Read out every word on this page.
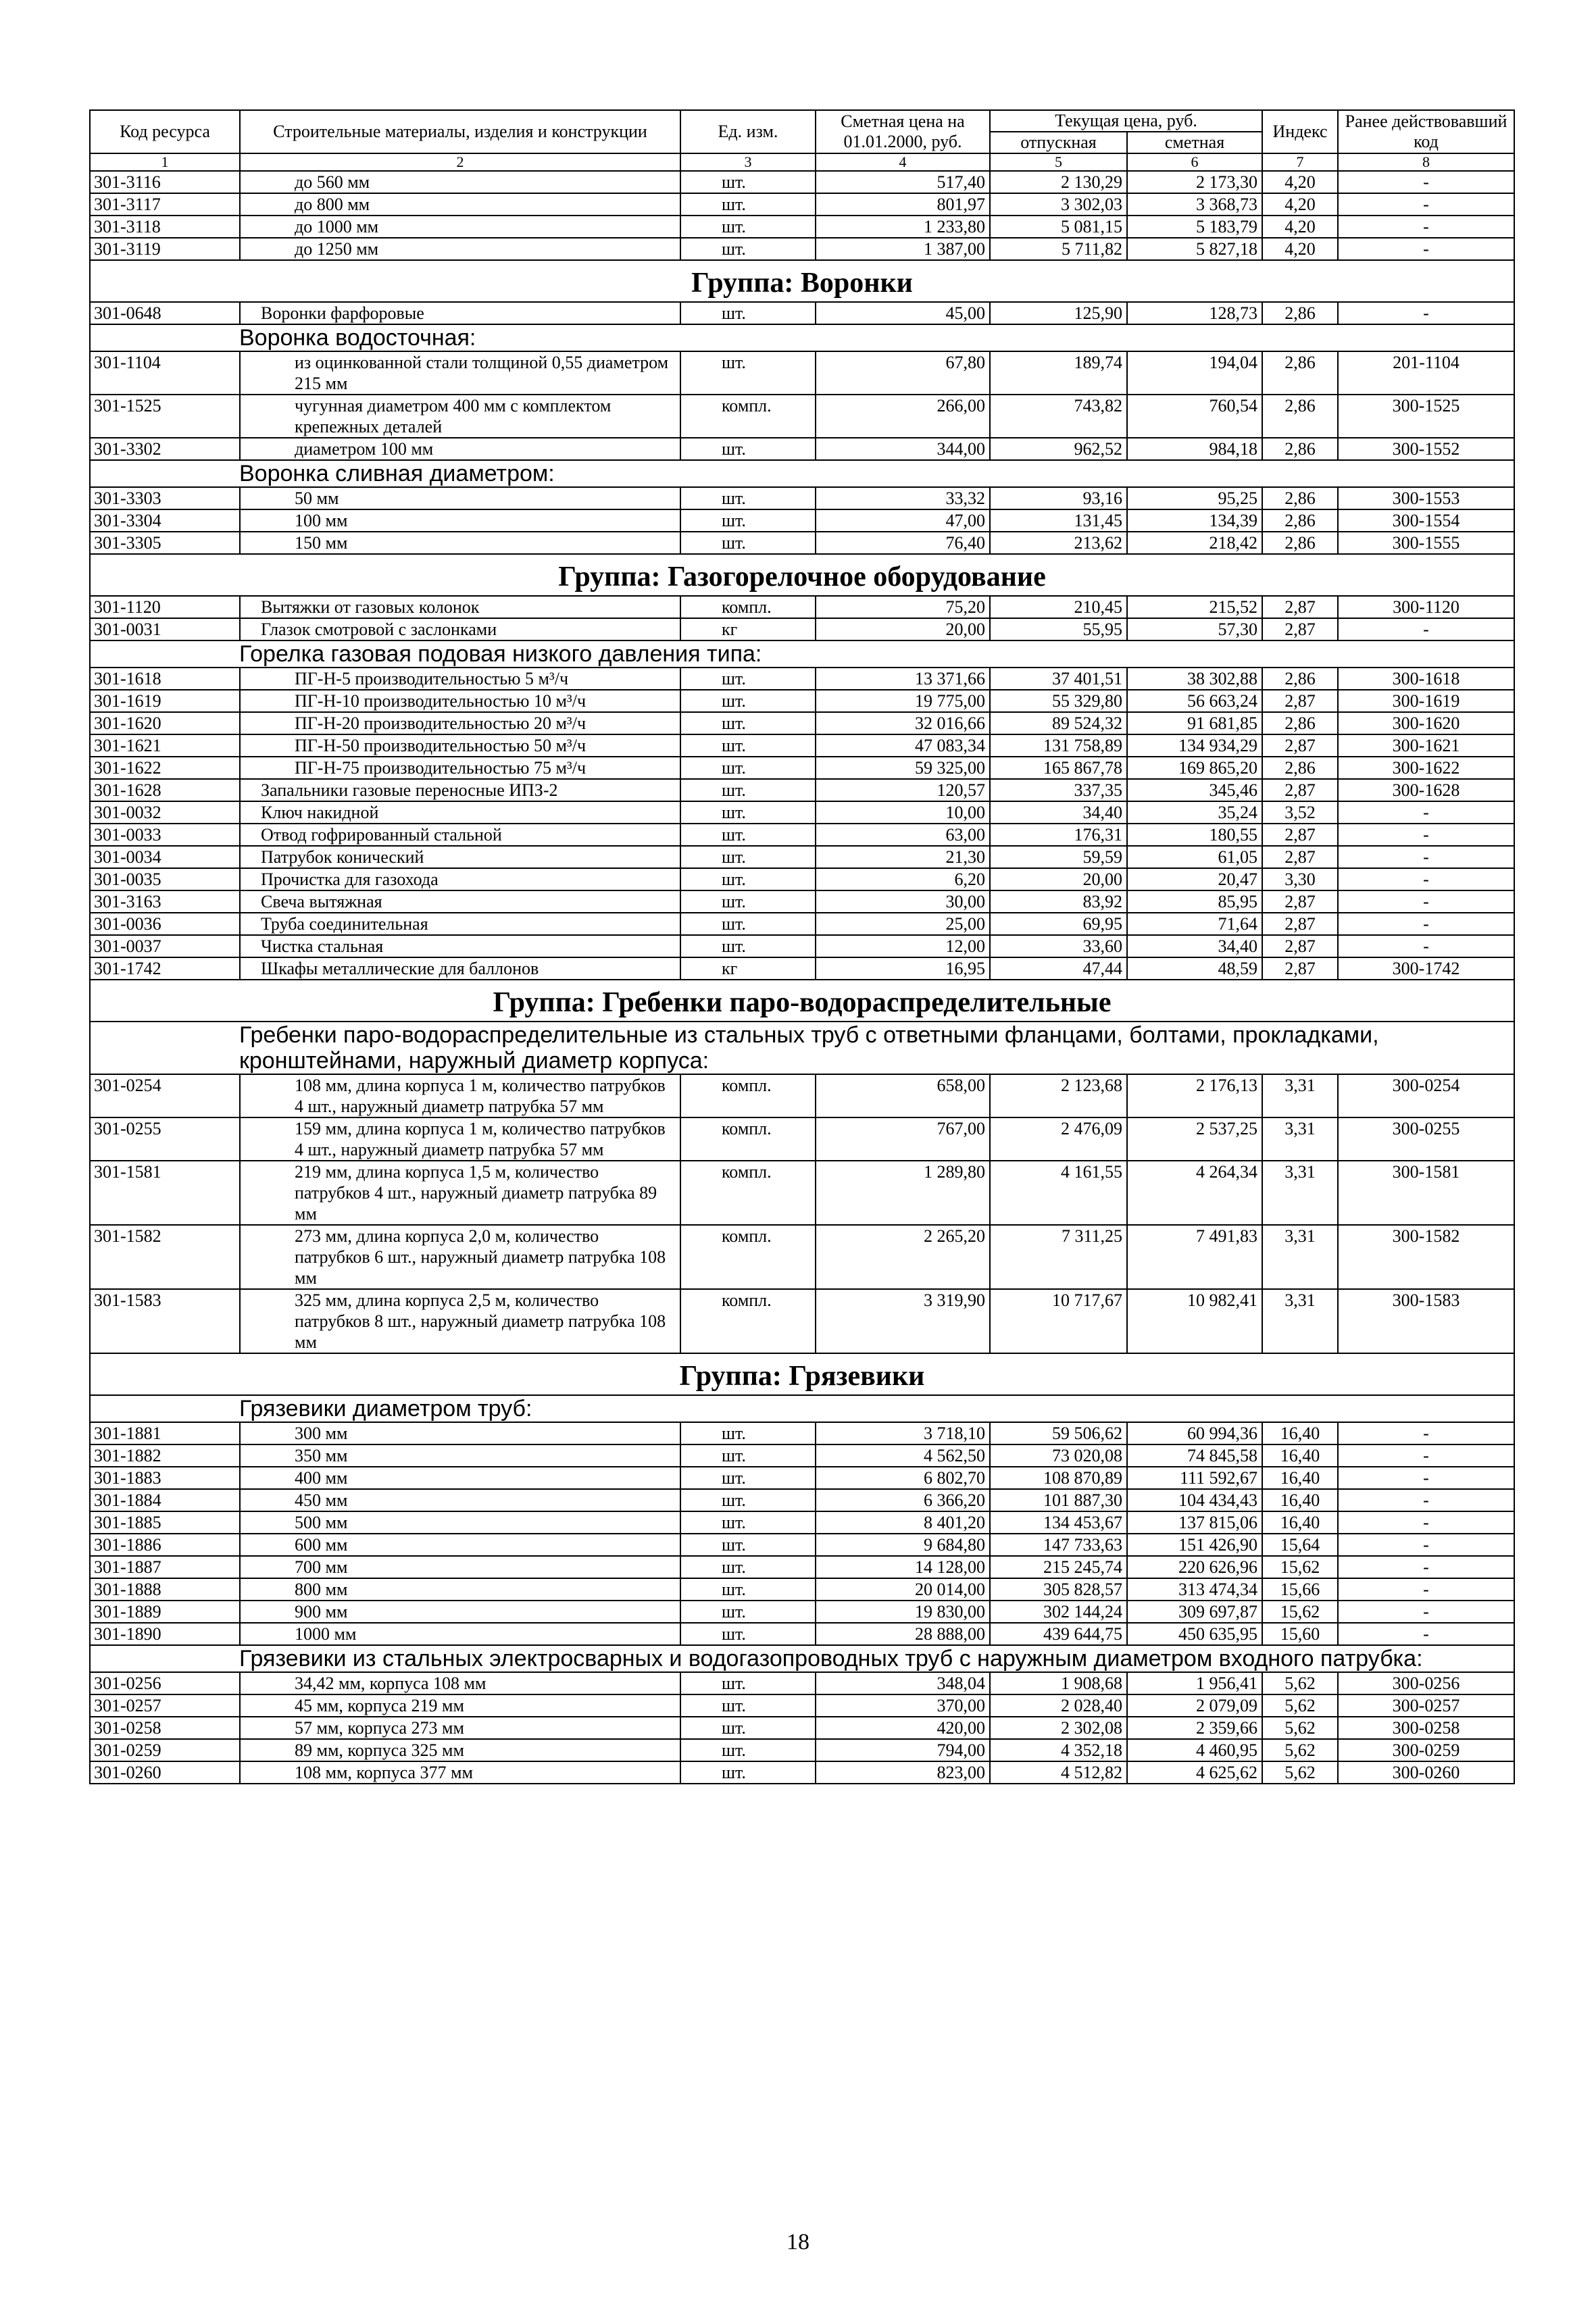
Код ресурса	Строительные материалы, изделия и конструкции	Ед. изм.	Сметная цена на 01.01.2000, руб.	Текущая цена, руб.		Индекс	Ранее действовавший код
				отпускная	сметная		
1	2	3	4	5	6	7	8
301-3116	до 560 мм	шт.	517,40	2 130,29	2 173,30	4,20	-
301-3117	до 800 мм	шт.	801,97	3 302,03	3 368,73	4,20	-
301-3118	до 1000 мм	шт.	1 233,80	5 081,15	5 183,79	4,20	-
301-3119	до 1250 мм	шт.	1 387,00	5 711,82	5 827,18	4,20	-
Группа: Воронки							
301-0648	Воронки фарфоровые	шт.	45,00	125,90	128,73	2,86	-
Воронка водосточная:							
301-1104	из оцинкованной стали толщиной 0,55 диаметром 215 мм	шт.	67,80	189,74	194,04	2,86	201-1104
301-1525	чугунная диаметром 400 мм с комплектом крепежных деталей	компл.	266,00	743,82	760,54	2,86	300-1525
301-3302	диаметром 100 мм	шт.	344,00	962,52	984,18	2,86	300-1552
Воронка сливная диаметром:							
301-3303	50 мм	шт.	33,32	93,16	95,25	2,86	300-1553
301-3304	100 мм	шт.	47,00	131,45	134,39	2,86	300-1554
301-3305	150 мм	шт.	76,40	213,62	218,42	2,86	300-1555
Группа: Газогорелочное оборудование							
301-1120	Вытяжки от газовых колонок	компл.	75,20	210,45	215,52	2,87	300-1120
301-0031	Глазок смотровой с заслонками	кг	20,00	55,95	57,30	2,87	-
Горелка газовая подовая низкого давления типа:							
301-1618	ПГ-Н-5 производительностью 5 м³/ч	шт.	13 371,66	37 401,51	38 302,88	2,86	300-1618
301-1619	ПГ-Н-10 производительностью 10 м³/ч	шт.	19 775,00	55 329,80	56 663,24	2,87	300-1619
301-1620	ПГ-Н-20 производительностью 20 м³/ч	шт.	32 016,66	89 524,32	91 681,85	2,86	300-1620
301-1621	ПГ-Н-50 производительностью 50 м³/ч	шт.	47 083,34	131 758,89	134 934,29	2,87	300-1621
301-1622	ПГ-Н-75 производительностью 75 м³/ч	шт.	59 325,00	165 867,78	169 865,20	2,86	300-1622
301-1628	Запальники газовые переносные ИПЗ-2	шт.	120,57	337,35	345,46	2,87	300-1628
301-0032	Ключ накидной	шт.	10,00	34,40	35,24	3,52	-
301-0033	Отвод гофрированный стальной	шт.	63,00	176,31	180,55	2,87	-
301-0034	Патрубок конический	шт.	21,30	59,59	61,05	2,87	-
301-0035	Прочистка для газохода	шт.	6,20	20,00	20,47	3,30	-
301-3163	Свеча вытяжная	шт.	30,00	83,92	85,95	2,87	-
301-0036	Труба соединительная	шт.	25,00	69,95	71,64	2,87	-
301-0037	Чистка стальная	шт.	12,00	33,60	34,40	2,87	-
301-1742	Шкафы металлические для баллонов	кг	16,95	47,44	48,59	2,87	300-1742
Группа: Гребенки паро-водораспределительные							
Гребенки паро-водораспределительные из стальных труб с ответными фланцами, болтами, прокладками, кронштейнами, наружный диаметр корпуса:							
301-0254	108 мм, длина корпуса 1 м, количество патрубков 4 шт., наружный диаметр патрубка 57 мм	компл.	658,00	2 123,68	2 176,13	3,31	300-0254
301-0255	159 мм, длина корпуса 1 м, количество патрубков 4 шт., наружный диаметр патрубка 57 мм	компл.	767,00	2 476,09	2 537,25	3,31	300-0255
301-1581	219 мм, длина корпуса 1,5 м, количество патрубков 4 шт., наружный диаметр патрубка 89 мм	компл.	1 289,80	4 161,55	4 264,34	3,31	300-1581
301-1582	273 мм, длина корпуса 2,0 м, количество патрубков 6 шт., наружный диаметр патрубка 108 мм	компл.	2 265,20	7 311,25	7 491,83	3,31	300-1582
301-1583	325 мм, длина корпуса 2,5 м, количество патрубков 8 шт., наружный диаметр патрубка 108 мм	компл.	3 319,90	10 717,67	10 982,41	3,31	300-1583
Группа: Грязевики							
Грязевики диаметром труб:							
301-1881	300 мм	шт.	3 718,10	59 506,62	60 994,36	16,40	-
301-1882	350 мм	шт.	4 562,50	73 020,08	74 845,58	16,40	-
301-1883	400 мм	шт.	6 802,70	108 870,89	111 592,67	16,40	-
301-1884	450 мм	шт.	6 366,20	101 887,30	104 434,43	16,40	-
301-1885	500 мм	шт.	8 401,20	134 453,67	137 815,06	16,40	-
301-1886	600 мм	шт.	9 684,80	147 733,63	151 426,90	15,64	-
301-1887	700 мм	шт.	14 128,00	215 245,74	220 626,96	15,62	-
301-1888	800 мм	шт.	20 014,00	305 828,57	313 474,34	15,66	-
301-1889	900 мм	шт.	19 830,00	302 144,24	309 697,87	15,62	-
301-1890	1000 мм	шт.	28 888,00	439 644,75	450 635,95	15,60	-
Грязевики из стальных электросварных и водогазопроводных труб с наружным диаметром входного патрубка:							
301-0256	34,42 мм, корпуса 108 мм	шт.	348,04	1 908,68	1 956,41	5,62	300-0256
301-0257	45 мм, корпуса 219 мм	шт.	370,00	2 028,40	2 079,09	5,62	300-0257
301-0258	57 мм, корпуса 273 мм	шт.	420,00	2 302,08	2 359,66	5,62	300-0258
301-0259	89 мм, корпуса 325 мм	шт.	794,00	4 352,18	4 460,95	5,62	300-0259
301-0260	108 мм, корпуса 377 мм	шт.	823,00	4 512,82	4 625,62	5,62	300-0260
18
